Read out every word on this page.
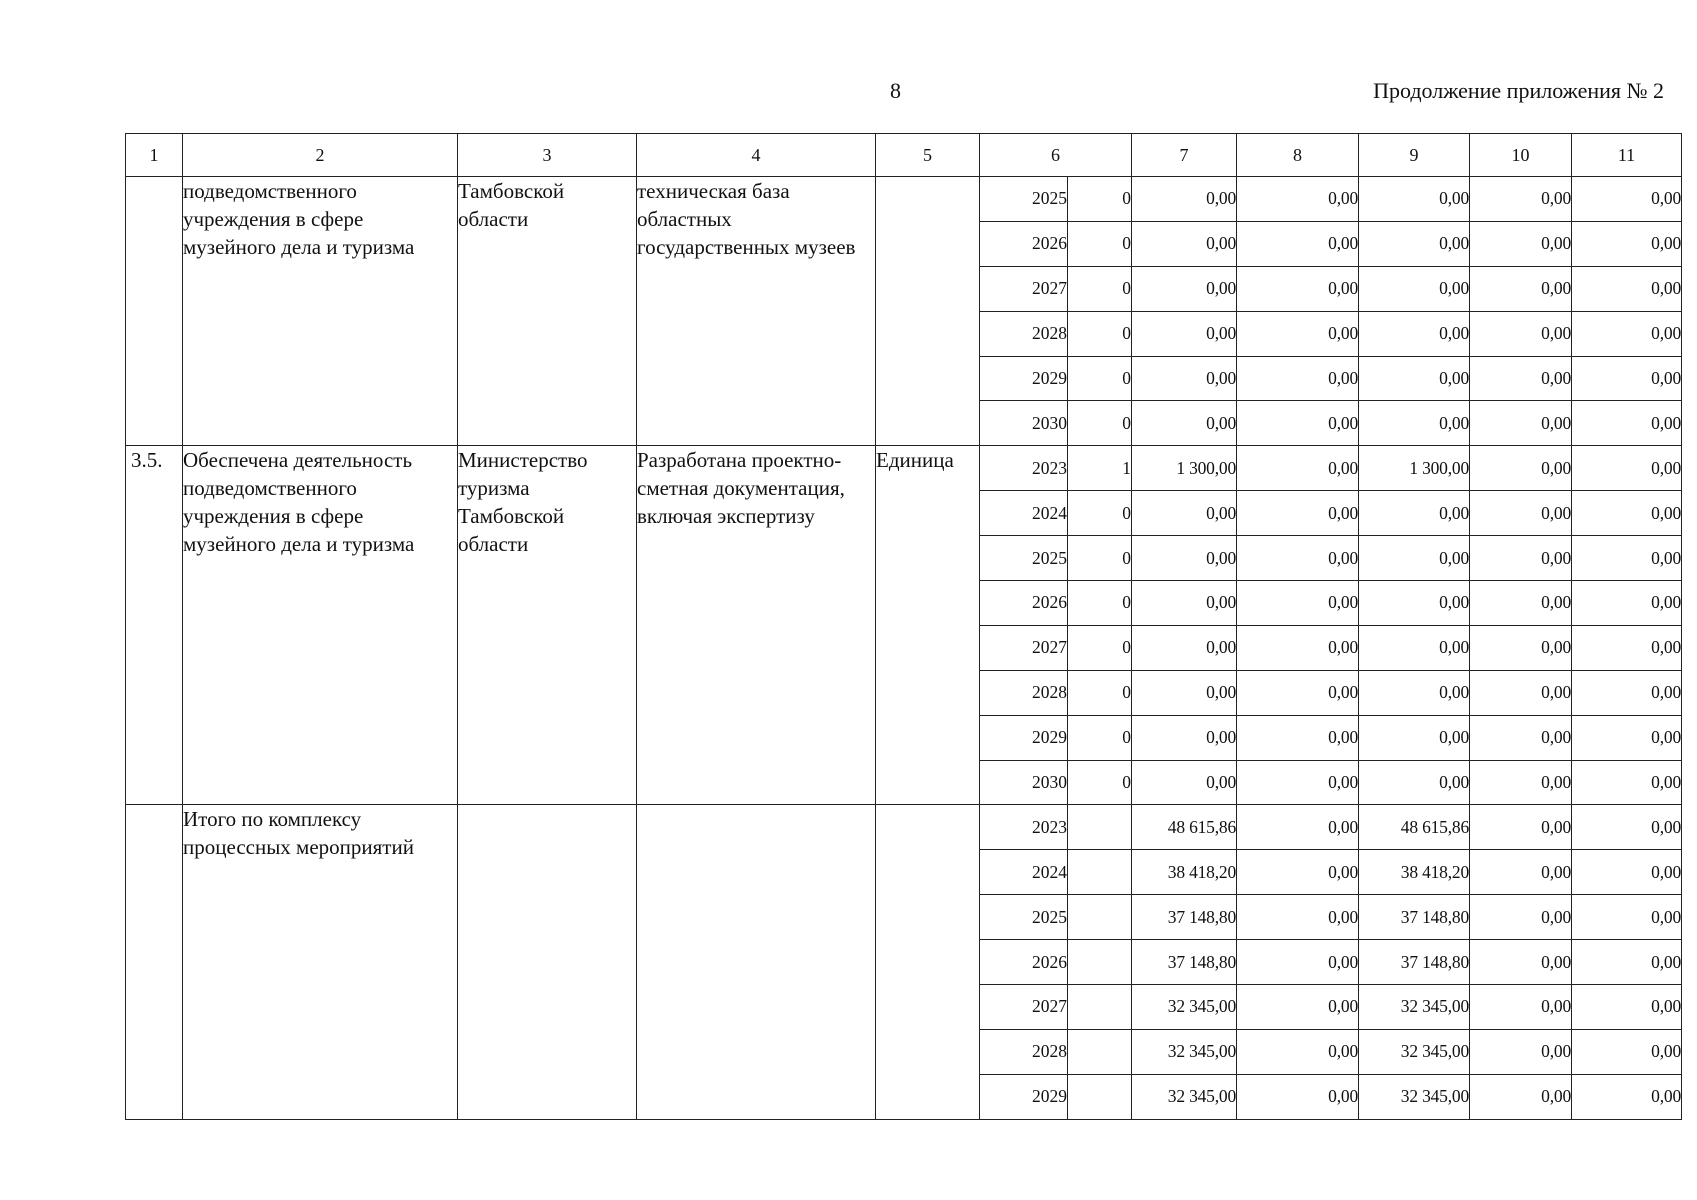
8	Продолжение приложения № 2
1	2	3	4	5	6		7	8	9	10	11

	подведомственного учреждения в сфере музейного дела и туризма	Тамбовской области	техническая база областных государственных музеев		2025	0	0,00	0,00	0,00	0,00	0,00
					2026	0	0,00	0,00	0,00	0,00	0,00
					2027	0	0,00	0,00	0,00	0,00	0,00
					2028	0	0,00	0,00	0,00	0,00	0,00
					2029	0	0,00	0,00	0,00	0,00	0,00
					2030	0	0,00	0,00	0,00	0,00	0,00
3.5.	Обеспечена деятельность подведомственного учреждения в сфере музейного дела и туризма	Министерство туризма Тамбовской области	Разработана проектно-сметная документация, включая экспертизу	Единица	2023	1	1 300,00	0,00	1 300,00	0,00	0,00
					2024	0	0,00	0,00	0,00	0,00	0,00
					2025	0	0,00	0,00	0,00	0,00	0,00
					2026	0	0,00	0,00	0,00	0,00	0,00
					2027	0	0,00	0,00	0,00	0,00	0,00
					2028	0	0,00	0,00	0,00	0,00	0,00
					2029	0	0,00	0,00	0,00	0,00	0,00
					2030	0	0,00	0,00	0,00	0,00	0,00

	Итого по комплексу процессных мероприятий				2023		48 615,86	0,00	48 615,86	0,00	0,00
					2024		38 418,20	0,00	38 418,20	0,00	0,00
					2025		37 148,80	0,00	37 148,80	0,00	0,00
					2026		37 148,80	0,00	37 148,80	0,00	0,00
					2027		32 345,00	0,00	32 345,00	0,00	0,00
					2028		32 345,00	0,00	32 345,00	0,00	0,00
					2029		32 345,00	0,00	32 345,00	0,00	0,00
